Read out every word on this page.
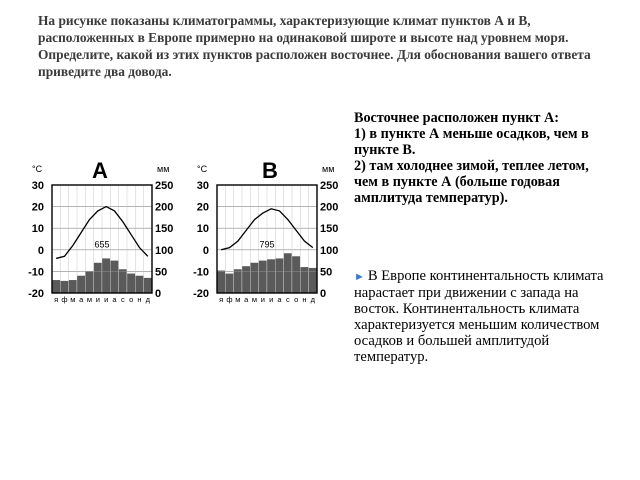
На рисунке показаны климатограммы, характеризующие климат пунктов А и В, расположенных в Европе примерно на одинаковой широте и высоте над уровнем моря. Определите, какой из этих пунктов расположен восточнее. Для обоснования вашего ответа приведите два довода.
°С	мм
А
30
20
10
0
-10
-20
250
200
150
100
50
0
я ф м а м и и а с о н д
655
°С	мм
В
30
20
10
0
-10
-20
250
200
150
100
50
0
я ф м а м и и а с о н д
795
Восточнее расположен пункт А:
1) в пункте А меньше осадков, чем в пункте В.
2) там холоднее зимой, теплее летом, чем в пункте А (больше годовая амплитуда температур).
► В Европе континентальность климата нарастает при движении с запада на восток. Континентальность климата характеризуется меньшим количеством осадков и большей амплитудой температур.
